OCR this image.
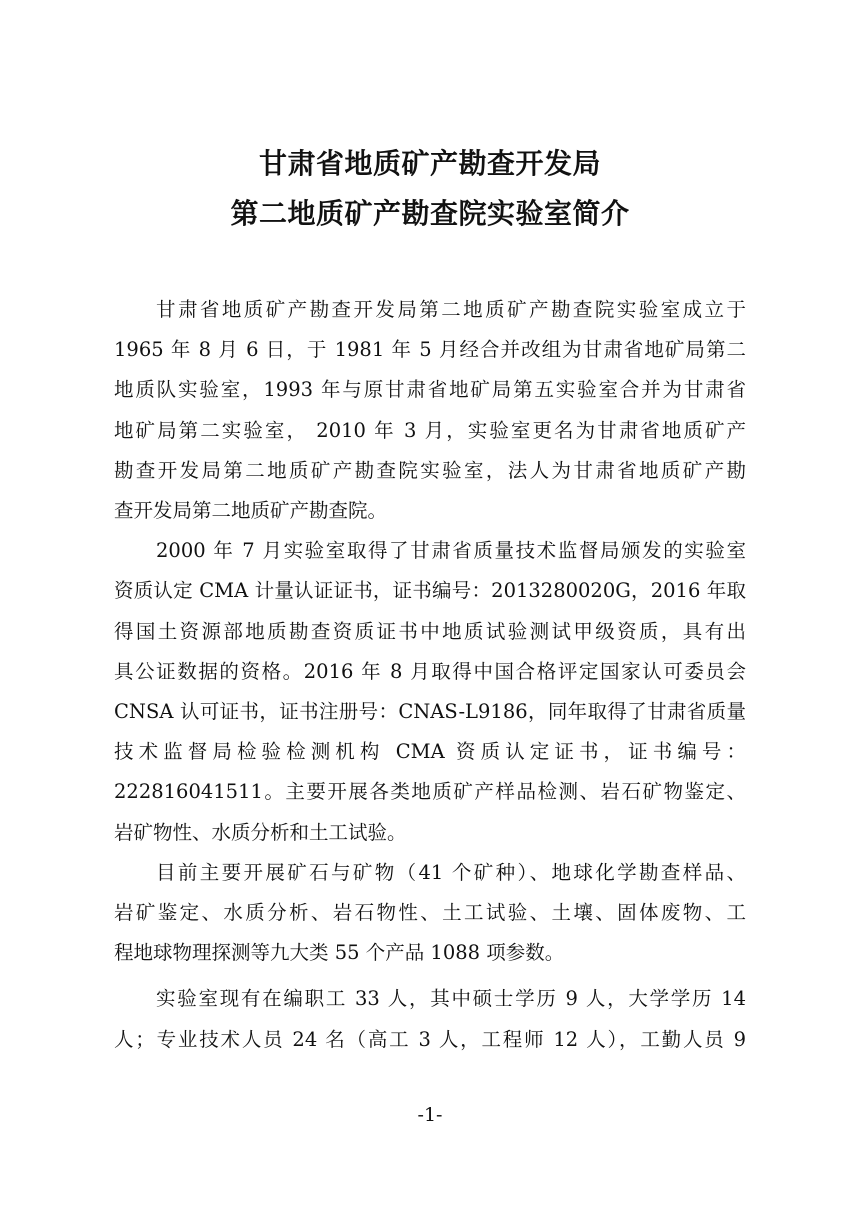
甘肃省地质矿产勘查开发局
第二地质矿产勘查院实验室简介

甘肃省地质矿产勘查开发局第二地质矿产勘查院实验室成立于
1965 年 8 月 6 日，于 1981 年 5 月经合并改组为甘肃省地矿局第二
地质队实验室，1993 年与原甘肃省地矿局第五实验室合并为甘肃省
地矿局第二实验室， 2010 年 3 月，实验室更名为甘肃省地质矿产
勘查开发局第二地质矿产勘查院实验室，法人为甘肃省地质矿产勘
查开发局第二地质矿产勘查院。

2000 年 7 月实验室取得了甘肃省质量技术监督局颁发的实验室
资质认定 CMA 计量认证证书，证书编号：2013280020G，2016 年取
得国土资源部地质勘查资质证书中地质试验测试甲级资质，具有出
具公证数据的资格。2016 年 8 月取得中国合格评定国家认可委员会
CNSA 认可证书，证书注册号：CNAS-L9186，同年取得了甘肃省质量
技术监督局检验检测机构 CMA 资质认定证书，证书编号：
222816041511。主要开展各类地质矿产样品检测、岩石矿物鉴定、
岩矿物性、水质分析和土工试验。

目前主要开展矿石与矿物（41 个矿种）、地球化学勘查样品、
岩矿鉴定、水质分析、岩石物性、土工试验、土壤、固体废物、工
程地球物理探测等九大类 55 个产品 1088 项参数。

实验室现有在编职工 33 人，其中硕士学历 9 人，大学学历 14
人；专业技术人员 24 名（高工 3 人，工程师 12 人），工勤人员 9

-1-
